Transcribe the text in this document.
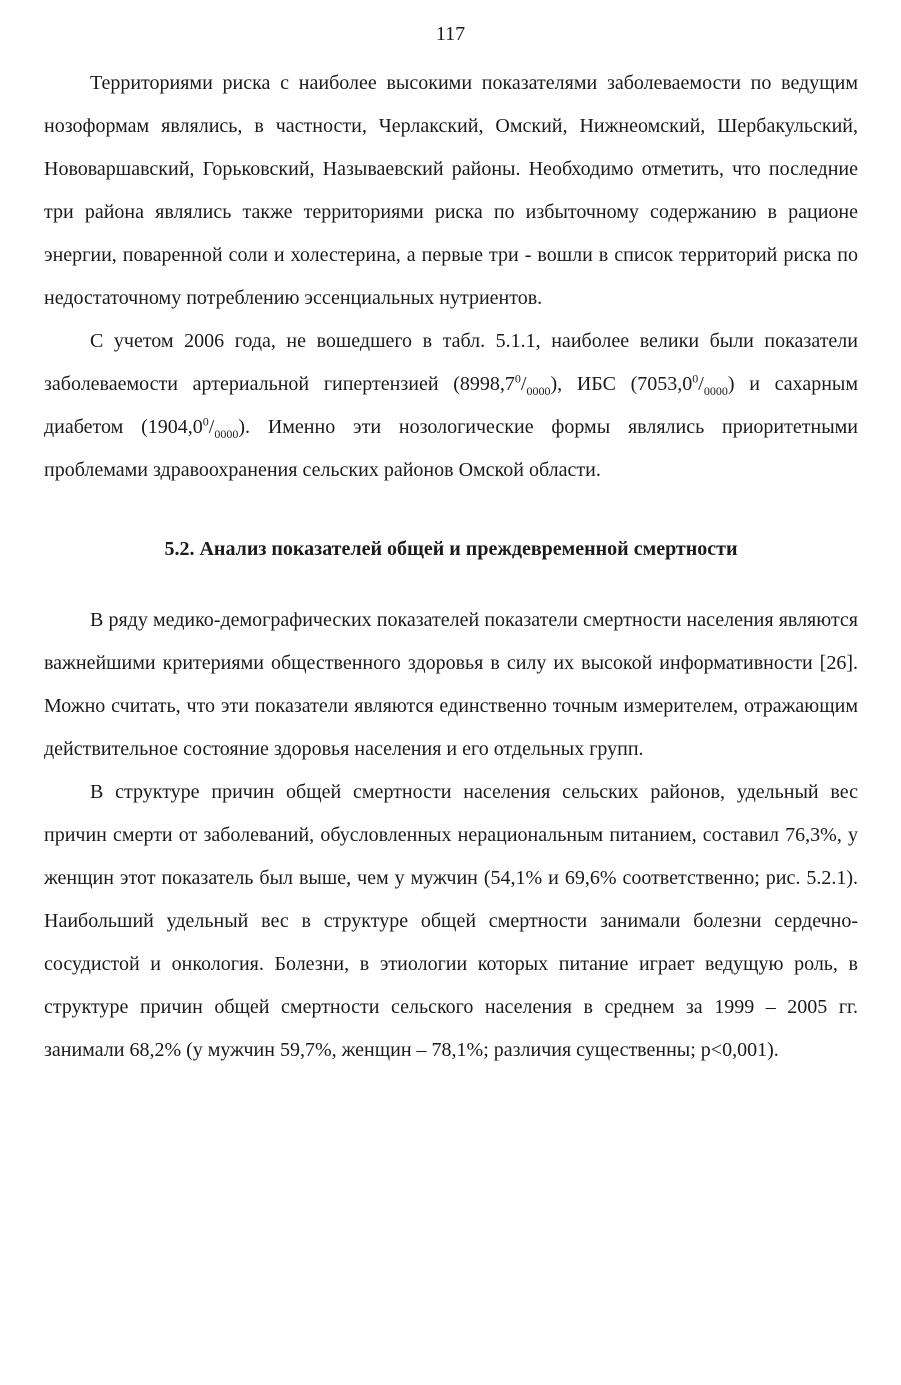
117

Территориями риска с наиболее высокими показателями заболеваемости по ведущим нозоформам являлись, в частности, Черлакский, Омский, Нижнеомский, Шербакульский, Нововаршавский, Горьковский, Называевский районы. Необходимо отметить, что последние три района являлись также территориями риска по избыточному содержанию в рационе энергии, поваренной соли и холестерина, а первые три - вошли в список территорий риска по недостаточному потреблению эссенциальных нутриентов.

С учетом 2006 года, не вошедшего в табл. 5.1.1, наиболее велики были показатели заболеваемости артериальной гипертензией $(8998,7^0/_{0000})$, ИБС $(7053,0^0/_{0000})$ и сахарным диабетом $(1904,0^0/_{0000})$. Именно эти нозологические формы являлись приоритетными проблемами здравоохранения сельских районов Омской области.

5.2. Анализ показателей общей и преждевременной смертности

В ряду медико-демографических показателей показатели смертности населения являются важнейшими критериями общественного здоровья в силу их высокой информативности [26]. Можно считать, что эти показатели являются единственно точным измерителем, отражающим действительное состояние здоровья населения и его отдельных групп.

В структуре причин общей смертности населения сельских районов, удельный вес причин смерти от заболеваний, обусловленных нерациональным питанием, составил 76,3%, у женщин этот показатель был выше, чем у мужчин (54,1% и 69,6% соответственно; рис. 5.2.1). Наибольший удельный вес в структуре общей смертности занимали болезни сердечно-сосудистой и онкология. Болезни, в этиологии которых питание играет ведущую роль, в структуре причин общей смертности сельского населения в среднем за 1999 – 2005 гг. занимали 68,2% (у мужчин 59,7%, женщин – 78,1%; различия существенны; p<0,001).
